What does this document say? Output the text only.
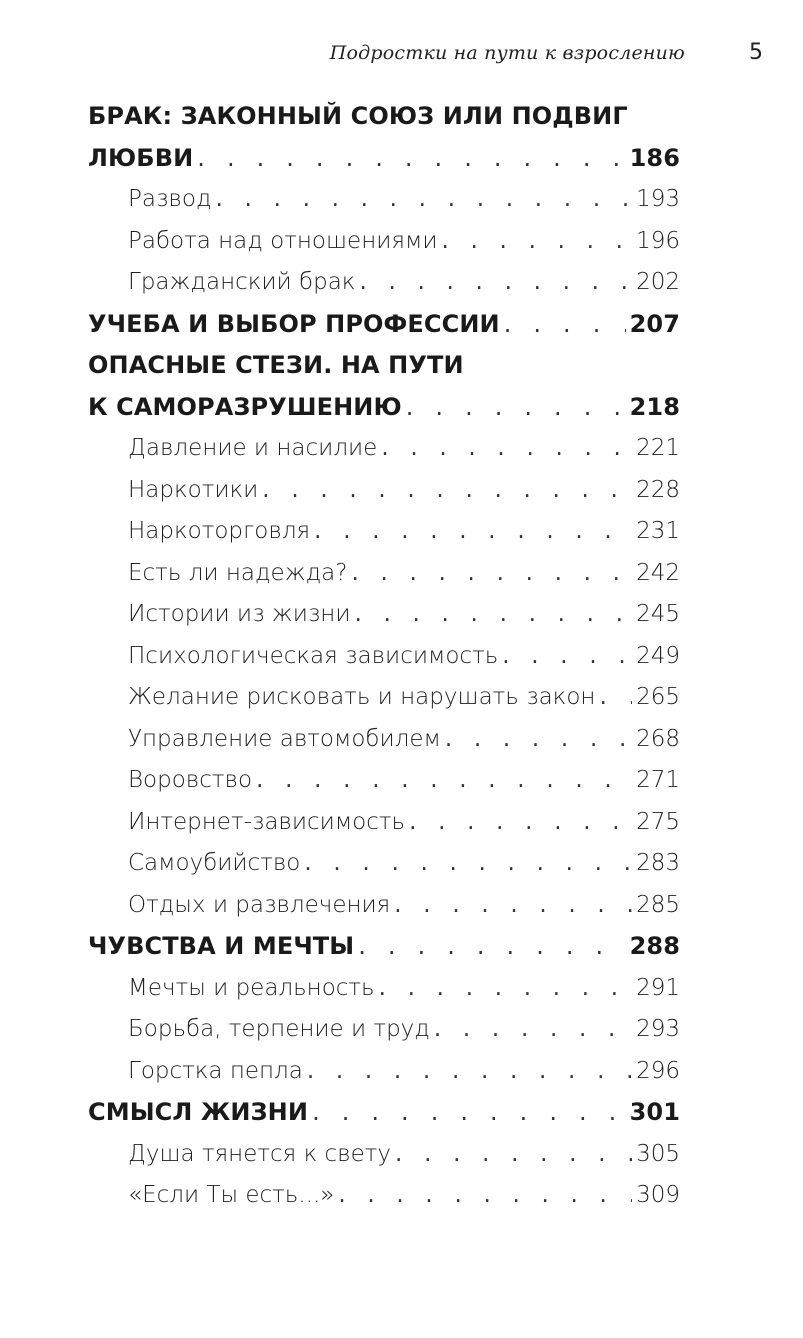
Подростки на пути к взрослению	5
БРАК: ЗАКОННЫЙ СОЮЗ ИЛИ ПОДВИГ
ЛЮБВИ . . .	186
Развод . . .	193
Работа над отношениями . . .	196
Гражданский брак . . .	202
УЧЕБА И ВЫБОР ПРОФЕССИИ . . .	207
ОПАСНЫЕ СТЕЗИ. НА ПУТИ
К САМОРАЗРУШЕНИЮ . . .	218
Давление и насилие . . .	221
Наркотики . . .	228
Наркоторговля . . .	231
Есть ли надежда? . . .	242
Истории из жизни . . .	245
Психологическая зависимость . . .	249
Желание рисковать и нарушать закон . . . 265
Управление автомобилем . . .	268
Воровство . . .	271
Интернет-зависимость . . .	275
Самоубийство . . .	283
Отдых и развлечения . . .	285
ЧУВСТВА И МЕЧТЫ . . .	288
Мечты и реальность . . .	291
Борьба, терпение и труд . . .	293
Горстка пепла . . .	296
СМЫСЛ ЖИЗНИ . . .	301
Душа тянется к свету . . .	305
«Если Ты есть...» . . .	309
